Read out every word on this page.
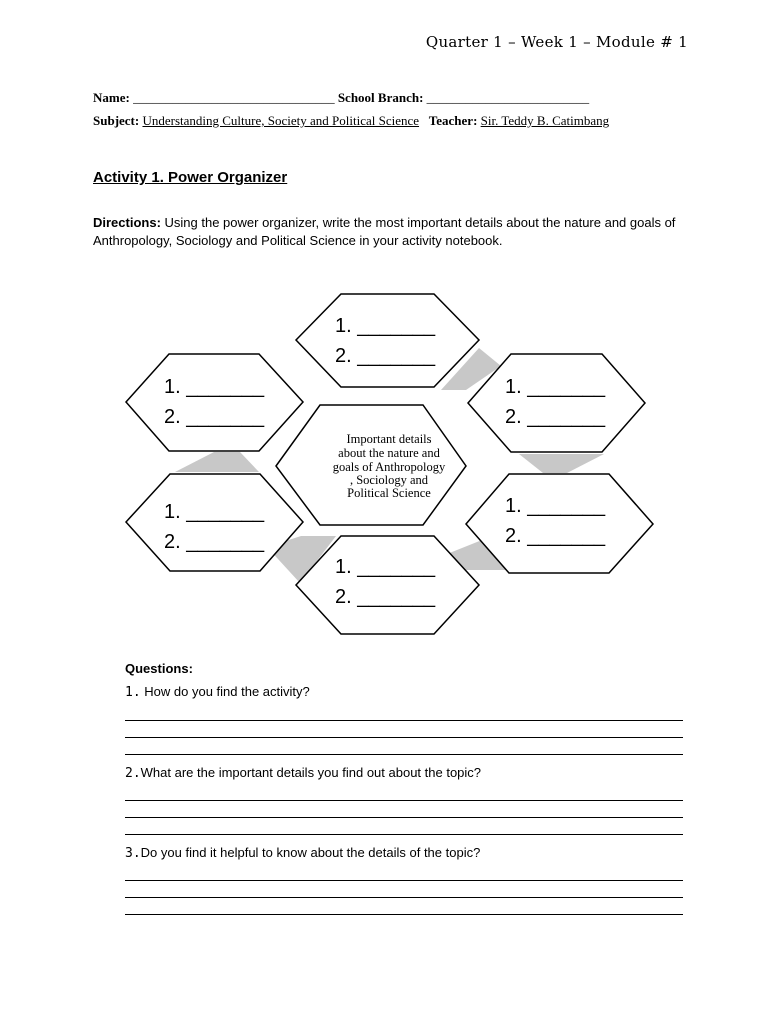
Quarter 1 – Week 1 – Module # 1
Name: _______________________________ School Branch: _________________________
Subject: Understanding Culture, Society and Political Science Teacher: Sir. Teddy B. Catimbang
Activity 1. Power Organizer
Directions: Using the power organizer, write the most important details about the nature and goals of Anthropology, Sociology and Political Science in your activity notebook.
1. _______
2. _______
1. _______
2. _______
1. _______
2. _______
1. _______
2. _______
1. _______
2. _______
1. _______
2. _______
Important details
about the nature and
goals of Anthropology
, Sociology and
Political Science
Questions:
1. How do you find the activity?
2.What are the important details you find out about the topic?
3.Do you find it helpful to know about the details of the topic?
